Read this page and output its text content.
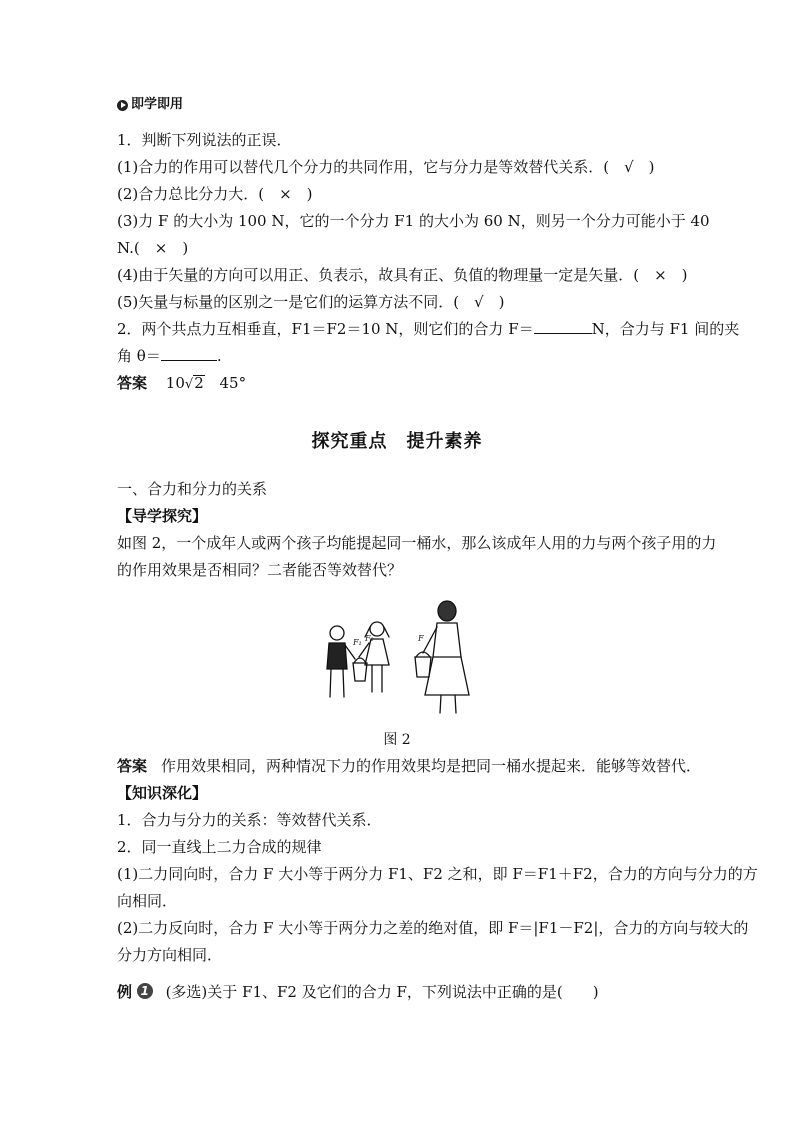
即学即用
1．判断下列说法的正误．
(1)合力的作用可以替代几个分力的共同作用，它与分力是等效替代关系．(　√　)
(2)合力总比分力大．(　×　)
(3)力 F 的大小为 100 N，它的一个分力 F1 的大小为 60 N，则另一个分力可能小于 40
N.(　×　)
(4)由于矢量的方向可以用正、负表示，故具有正、负值的物理量一定是矢量．(　×　)
(5)矢量与标量的区别之一是它们的运算方法不同．(　√　)
2．两个共点力互相垂直，F1＝F2＝10 N，则它们的合力 F＝	N，合力与 F1 间的夹
角 θ＝	.
答案 10√2 45°
探究重点　提升素养
一、合力和分力的关系
【导学探究】
如图 2，一个成年人或两个孩子均能提起同一桶水，那么该成年人用的力与两个孩子用的力
的作用效果是否相同？二者能否等效替代？
F₁ F₂	F
图 2
答案 作用效果相同，两种情况下力的作用效果均是把同一桶水提起来．能够等效替代．
【知识深化】
1．合力与分力的关系：等效替代关系．
2．同一直线上二力合成的规律
(1)二力同向时，合力 F 大小等于两分力 F1、F2 之和，即 F＝F1＋F2，合力的方向与分力的方
向相同．
(2)二力反向时，合力 F 大小等于两分力之差的绝对值，即 F＝|F1－F2|，合力的方向与较大的
分力方向相同．
例 1 (多选)关于 F1、F2 及它们的合力 F，下列说法中正确的是(　　)
